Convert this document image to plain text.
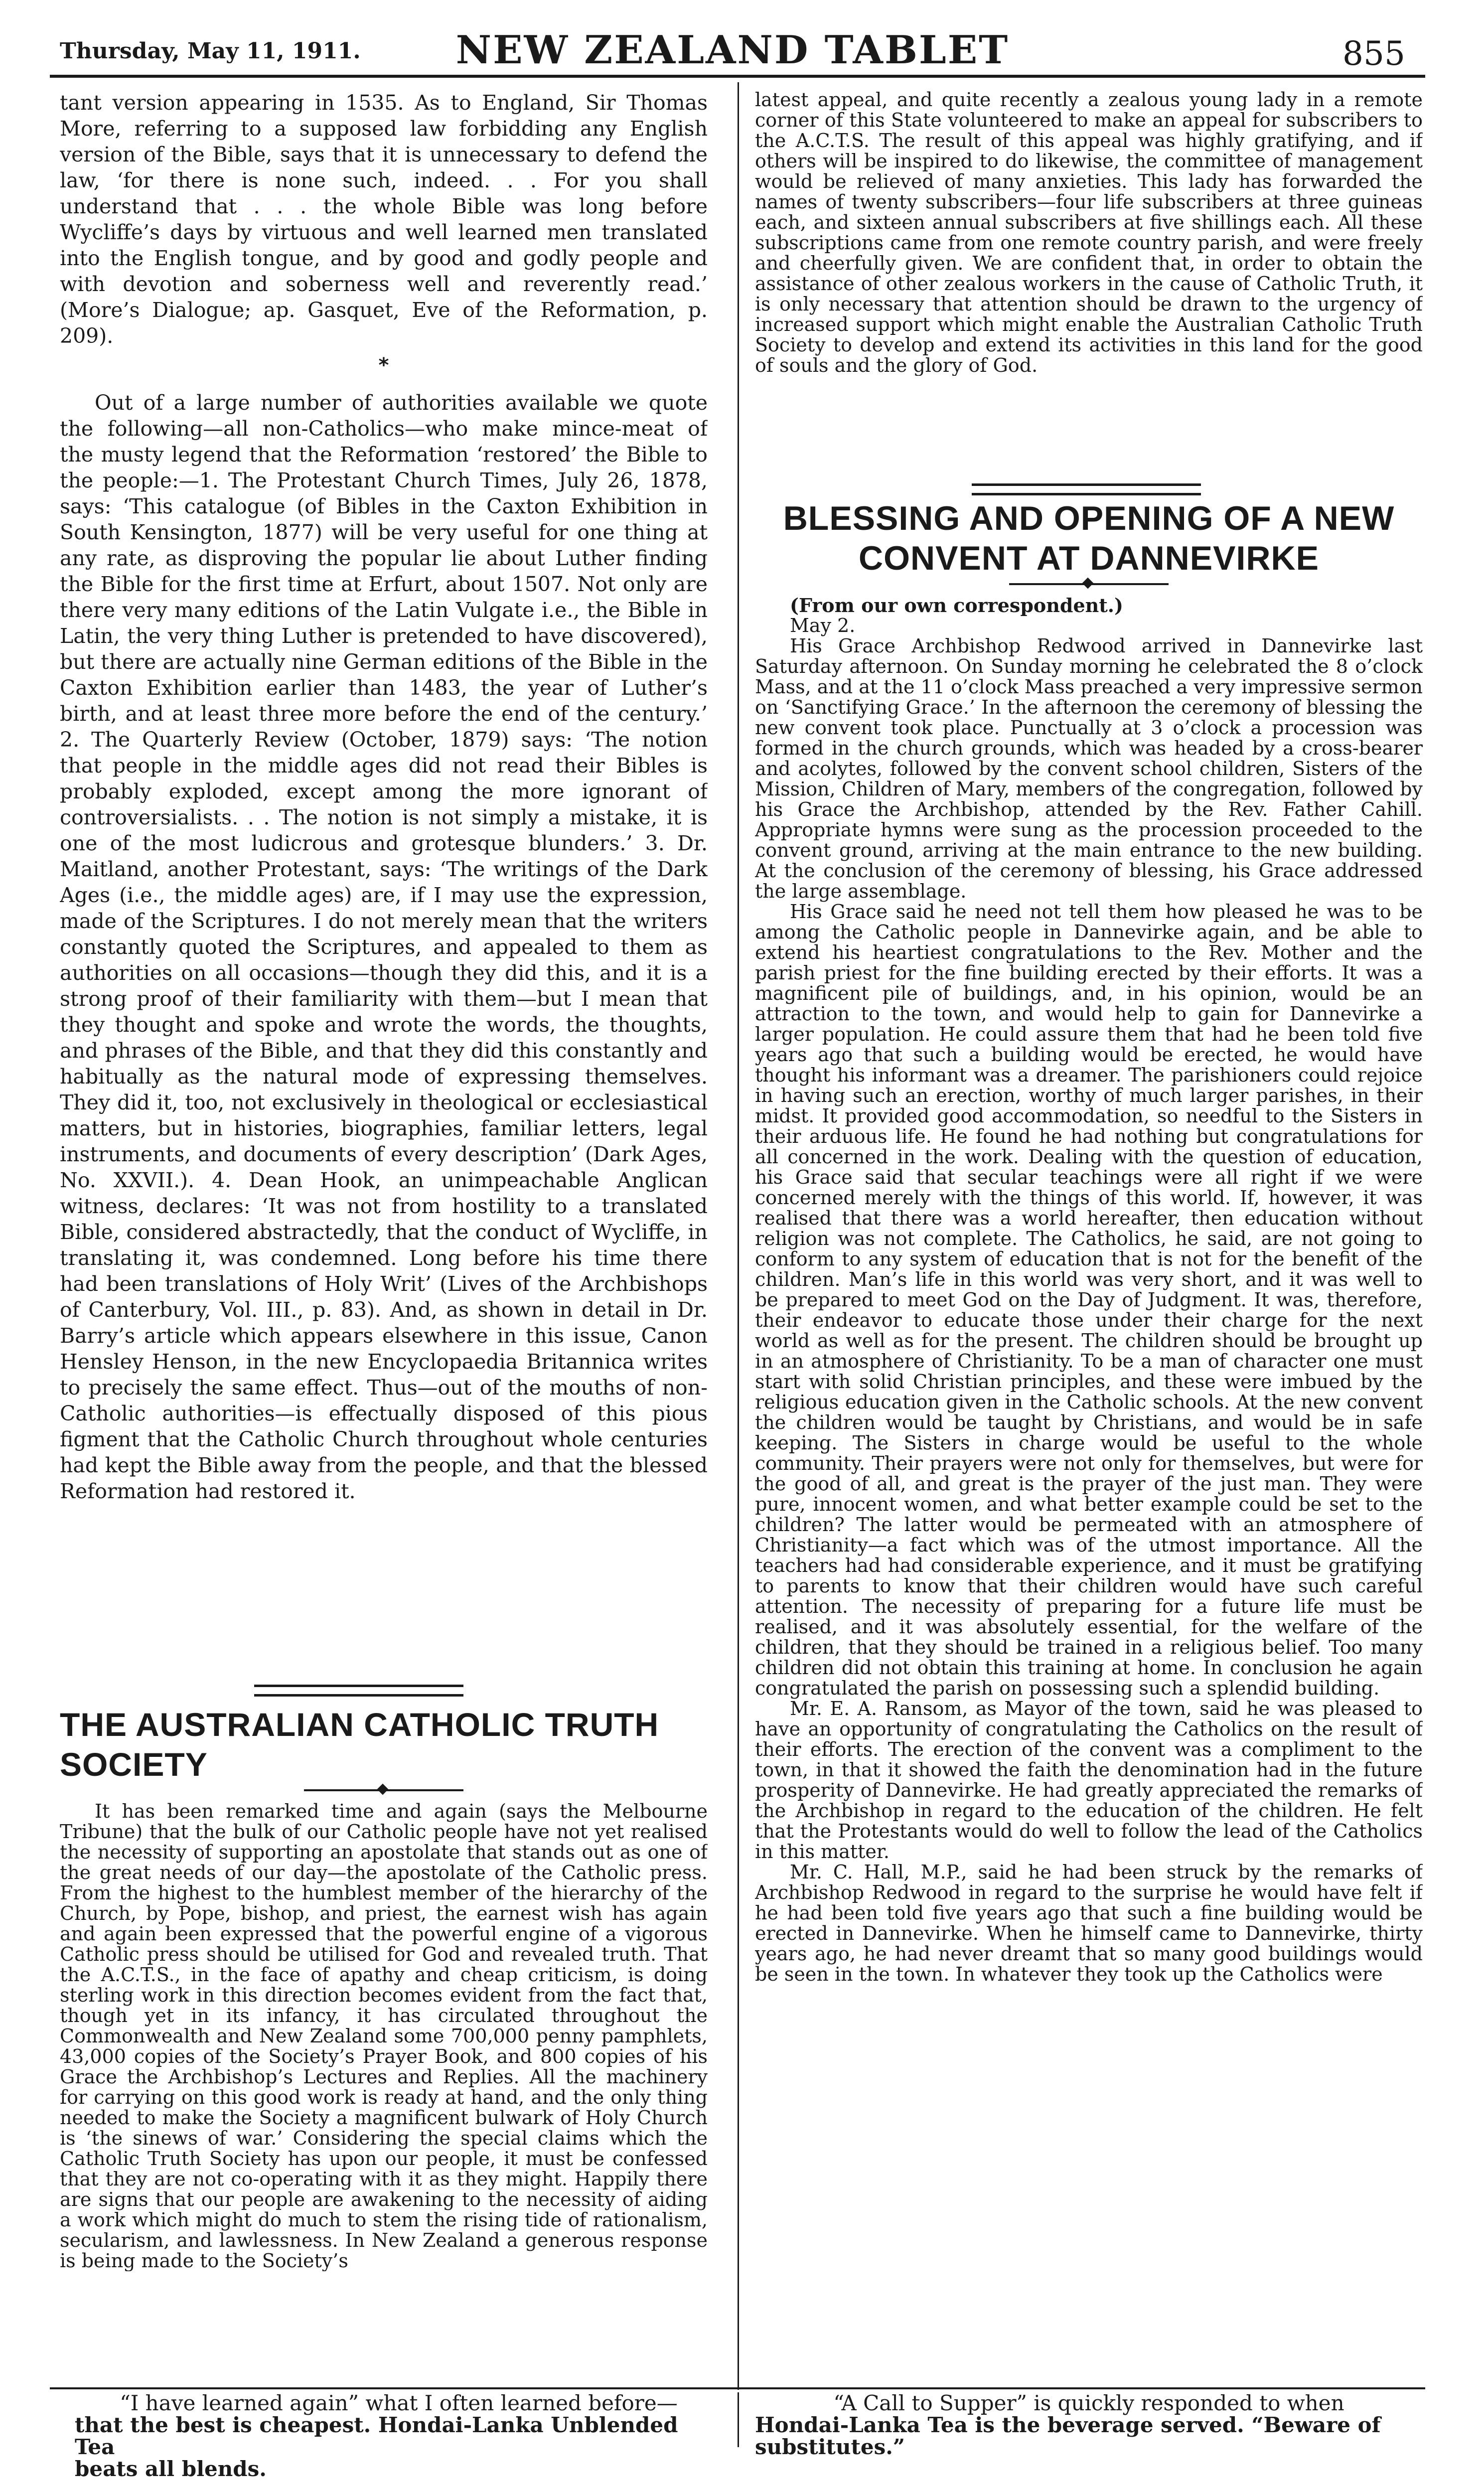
Thursday, May 11, 1911.	NEW ZEALAND TABLET	855

tant version appearing in 1535. As to England, Sir Thomas More, referring to a supposed law forbidding any English version of the Bible, says that it is unnecessary to defend the law, ‘for there is none such, indeed. . . For you shall understand that . . . the whole Bible was long before Wycliffe’s days by virtuous and well learned men translated into the English tongue, and by good and godly people and with devotion and soberness well and reverently read.’ (More’s Dialogue; ap. Gasquet, Eve of the Reformation, p. 209).

*

Out of a large number of authorities available we quote the following—all non-Catholics—who make mince-meat of the musty legend that the Reformation ‘restored’ the Bible to the people:—1. The Protestant Church Times, July 26, 1878, says: ‘This catalogue (of Bibles in the Caxton Exhibition in South Kensington, 1877) will be very useful for one thing at any rate, as disproving the popular lie about Luther finding the Bible for the first time at Erfurt, about 1507. Not only are there very many editions of the Latin Vulgate i.e., the Bible in Latin, the very thing Luther is pretended to have discovered), but there are actually nine German editions of the Bible in the Caxton Exhibition earlier than 1483, the year of Luther’s birth, and at least three more before the end of the century.’ 2. The Quarterly Review (October, 1879) says: ‘The notion that people in the middle ages did not read their Bibles is probably exploded, except among the more ignorant of controversialists. . . The notion is not simply a mistake, it is one of the most ludicrous and grotesque blunders.’ 3. Dr. Maitland, another Protestant, says: ‘The writings of the Dark Ages (i.e., the middle ages) are, if I may use the expression, made of the Scriptures. I do not merely mean that the writers constantly quoted the Scriptures, and appealed to them as authorities on all occasions—though they did this, and it is a strong proof of their familiarity with them—but I mean that they thought and spoke and wrote the words, the thoughts, and phrases of the Bible, and that they did this constantly and habitually as the natural mode of expressing themselves. They did it, too, not exclusively in theological or ecclesiastical matters, but in histories, biographies, familiar letters, legal instruments, and documents of every description’ (Dark Ages, No. XXVII.). 4. Dean Hook, an unimpeachable Anglican witness, declares: ‘It was not from hostility to a translated Bible, considered abstractedly, that the conduct of Wycliffe, in translating it, was condemned. Long before his time there had been translations of Holy Writ’ (Lives of the Archbishops of Canterbury, Vol. III., p. 83). And, as shown in detail in Dr. Barry’s article which appears elsewhere in this issue, Canon Hensley Henson, in the new Encyclopaedia Britannica writes to precisely the same effect. Thus—out of the mouths of non-Catholic authorities—is effectually disposed of this pious figment that the Catholic Church throughout whole centuries had kept the Bible away from the people, and that the blessed Reformation had restored it.

THE AUSTRALIAN CATHOLIC TRUTH SOCIETY

It has been remarked time and again (says the Melbourne Tribune) that the bulk of our Catholic people have not yet realised the necessity of supporting an apostolate that stands out as one of the great needs of our day—the apostolate of the Catholic press. From the highest to the humblest member of the hierarchy of the Church, by Pope, bishop, and priest, the earnest wish has again and again been expressed that the powerful engine of a vigorous Catholic press should be utilised for God and revealed truth. That the A.C.T.S., in the face of apathy and cheap criticism, is doing sterling work in this direction becomes evident from the fact that, though yet in its infancy, it has circulated throughout the Commonwealth and New Zealand some 700,000 penny pamphlets, 43,000 copies of the Society’s Prayer Book, and 800 copies of his Grace the Archbishop’s Lectures and Replies. All the machinery for carrying on this good work is ready at hand, and the only thing needed to make the Society a magnificent bulwark of Holy Church is ‘the sinews of war.’ Considering the special claims which the Catholic Truth Society has upon our people, it must be confessed that they are not co-operating with it as they might. Happily there are signs that our people are awakening to the necessity of aiding a work which might do much to stem the rising tide of rationalism, secularism, and lawlessness. In New Zealand a generous response is being made to the Society’s

latest appeal, and quite recently a zealous young lady in a remote corner of this State volunteered to make an appeal for subscribers to the A.C.T.S. The result of this appeal was highly gratifying, and if others will be inspired to do likewise, the committee of management would be relieved of many anxieties. This lady has forwarded the names of twenty subscribers—four life subscribers at three guineas each, and sixteen annual subscribers at five shillings each. All these subscriptions came from one remote country parish, and were freely and cheerfully given. We are confident that, in order to obtain the assistance of other zealous workers in the cause of Catholic Truth, it is only necessary that attention should be drawn to the urgency of increased support which might enable the Australian Catholic Truth Society to develop and extend its activities in this land for the good of souls and the glory of God.

BLESSING AND OPENING OF A NEW CONVENT AT DANNEVIRKE

(From our own correspondent.)

May 2.

His Grace Archbishop Redwood arrived in Dannevirke last Saturday afternoon. On Sunday morning he celebrated the 8 o’clock Mass, and at the 11 o’clock Mass preached a very impressive sermon on ‘Sanctifying Grace.’ In the afternoon the ceremony of blessing the new convent took place. Punctually at 3 o’clock a procession was formed in the church grounds, which was headed by a cross-bearer and acolytes, followed by the convent school children, Sisters of the Mission, Children of Mary, members of the congregation, followed by his Grace the Archbishop, attended by the Rev. Father Cahill. Appropriate hymns were sung as the procession proceeded to the convent ground, arriving at the main entrance to the new building. At the conclusion of the ceremony of blessing, his Grace addressed the large assemblage.

His Grace said he need not tell them how pleased he was to be among the Catholic people in Dannevirke again, and be able to extend his heartiest congratulations to the Rev. Mother and the parish priest for the fine building erected by their efforts. It was a magnificent pile of buildings, and, in his opinion, would be an attraction to the town, and would help to gain for Dannevirke a larger population. He could assure them that had he been told five years ago that such a building would be erected, he would have thought his informant was a dreamer. The parishioners could rejoice in having such an erection, worthy of much larger parishes, in their midst. It provided good accommodation, so needful to the Sisters in their arduous life. He found he had nothing but congratulations for all concerned in the work. Dealing with the question of education, his Grace said that secular teachings were all right if we were concerned merely with the things of this world. If, however, it was realised that there was a world hereafter, then education without religion was not complete. The Catholics, he said, are not going to conform to any system of education that is not for the benefit of the children. Man’s life in this world was very short, and it was well to be prepared to meet God on the Day of Judgment. It was, therefore, their endeavor to educate those under their charge for the next world as well as for the present. The children should be brought up in an atmosphere of Christianity. To be a man of character one must start with solid Christian principles, and these were imbued by the religious education given in the Catholic schools. At the new convent the children would be taught by Christians, and would be in safe keeping. The Sisters in charge would be useful to the whole community. Their prayers were not only for themselves, but were for the good of all, and great is the prayer of the just man. They were pure, innocent women, and what better example could be set to the children? The latter would be permeated with an atmosphere of Christianity—a fact which was of the utmost importance. All the teachers had had considerable experience, and it must be gratifying to parents to know that their children would have such careful attention. The necessity of preparing for a future life must be realised, and it was absolutely essential, for the welfare of the children, that they should be trained in a religious belief. Too many children did not obtain this training at home. In conclusion he again congratulated the parish on possessing such a splendid building.

Mr. E. A. Ransom, as Mayor of the town, said he was pleased to have an opportunity of congratulating the Catholics on the result of their efforts. The erection of the convent was a compliment to the town, in that it showed the faith the denomination had in the future prosperity of Dannevirke. He had greatly appreciated the remarks of the Archbishop in regard to the education of the children. He felt that the Protestants would do well to follow the lead of the Catholics in this matter.

Mr. C. Hall, M.P., said he had been struck by the remarks of Archbishop Redwood in regard to the surprise he would have felt if he had been told five years ago that such a fine building would be erected in Dannevirke. When he himself came to Dannevirke, thirty years ago, he had never dreamt that so many good buildings would be seen in the town. In whatever they took up the Catholics were

“I have learned again” what I often learned before—

that the best is cheapest. Hondai-Lanka Unblended Tea

beats all blends.

“A Call to Supper” is quickly responded to when

Hondai-Lanka Tea is the beverage served. “Beware of

substitutes.”
